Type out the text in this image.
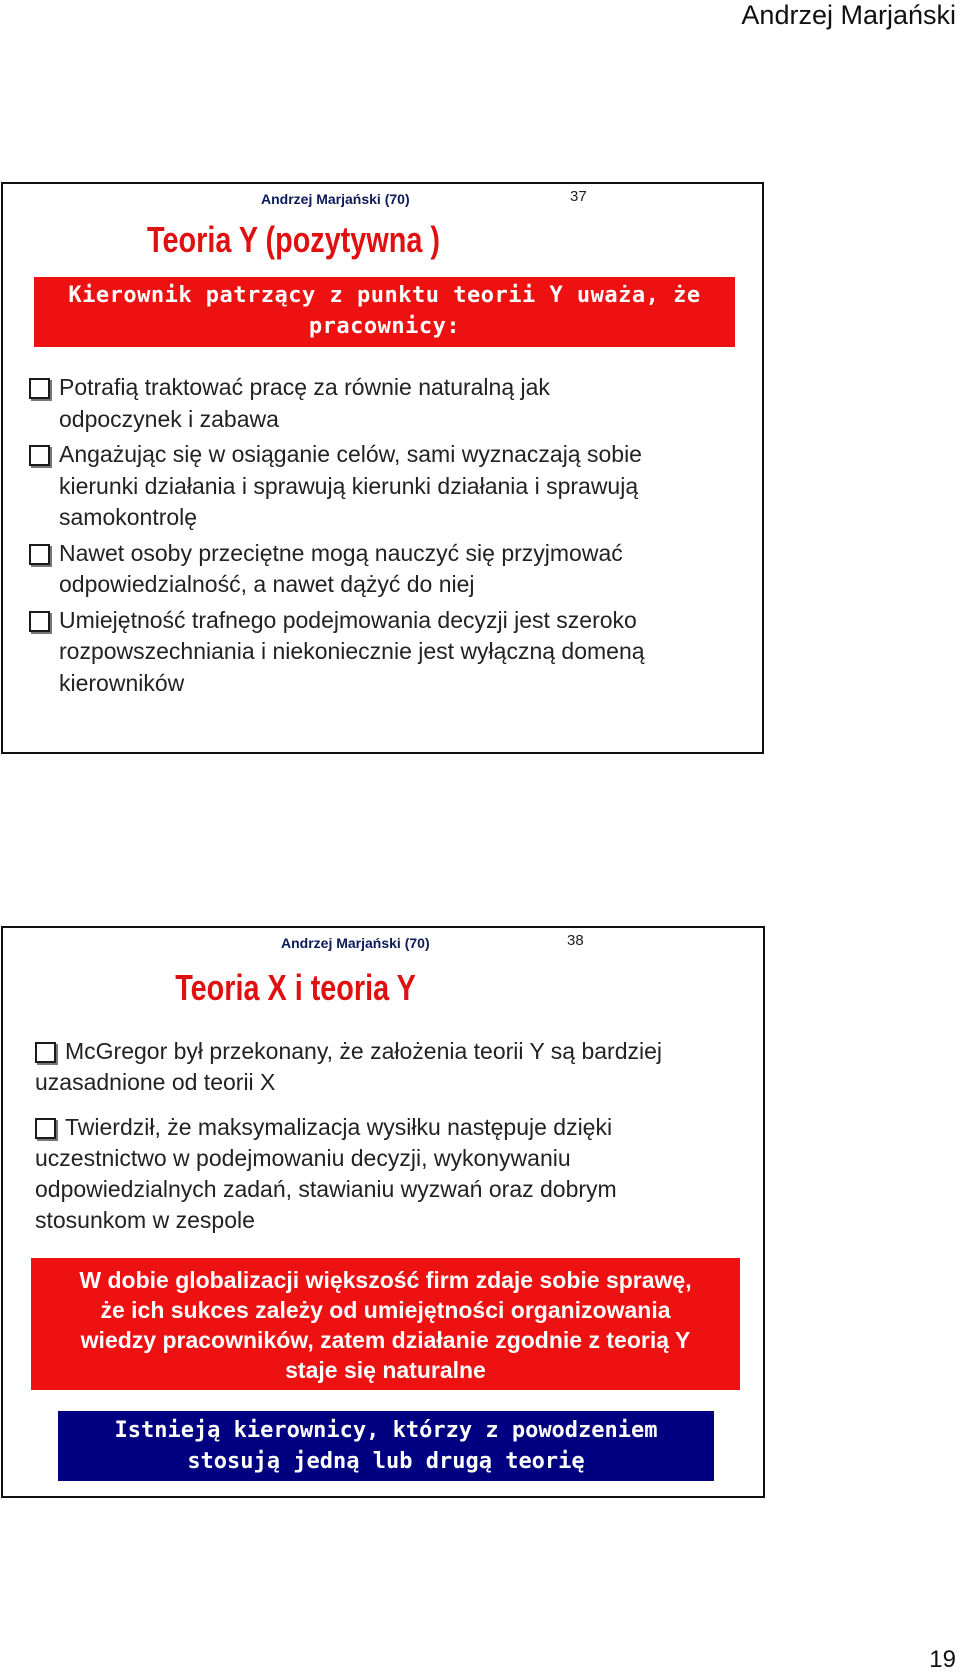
Andrzej Marjański
Andrzej Marjański (70)	37
Teoria Y (pozytywna )
Kierownik patrzący z punktu teorii Y uważa, że
pracownicy:
Potrafią traktować pracę za równie naturalną jak
odpoczynek i zabawa
Angażując się w osiąganie celów, sami wyznaczają sobie
kierunki działania i sprawują kierunki działania i sprawują
samokontrolę
Nawet osoby przeciętne mogą nauczyć się przyjmować
odpowiedzialność, a nawet dążyć do niej
Umiejętność trafnego podejmowania decyzji jest szeroko
rozpowszechniania i niekoniecznie jest wyłączną domeną
kierowników
Andrzej Marjański (70)	38
Teoria X i teoria Y
McGregor był przekonany, że założenia teorii Y są bardziej
uzasadnione od teorii X
Twierdził, że maksymalizacja wysiłku następuje dzięki
uczestnictwo w podejmowaniu decyzji, wykonywaniu
odpowiedzialnych zadań, stawianiu wyzwań oraz dobrym
stosunkom w zespole
W dobie globalizacji większość firm zdaje sobie sprawę,
że ich sukces zależy od umiejętności organizowania
wiedzy pracowników, zatem działanie zgodnie z teorią Y
staje się naturalne
Istnieją kierownicy, którzy z powodzeniem
stosują jedną lub drugą teorię
19
